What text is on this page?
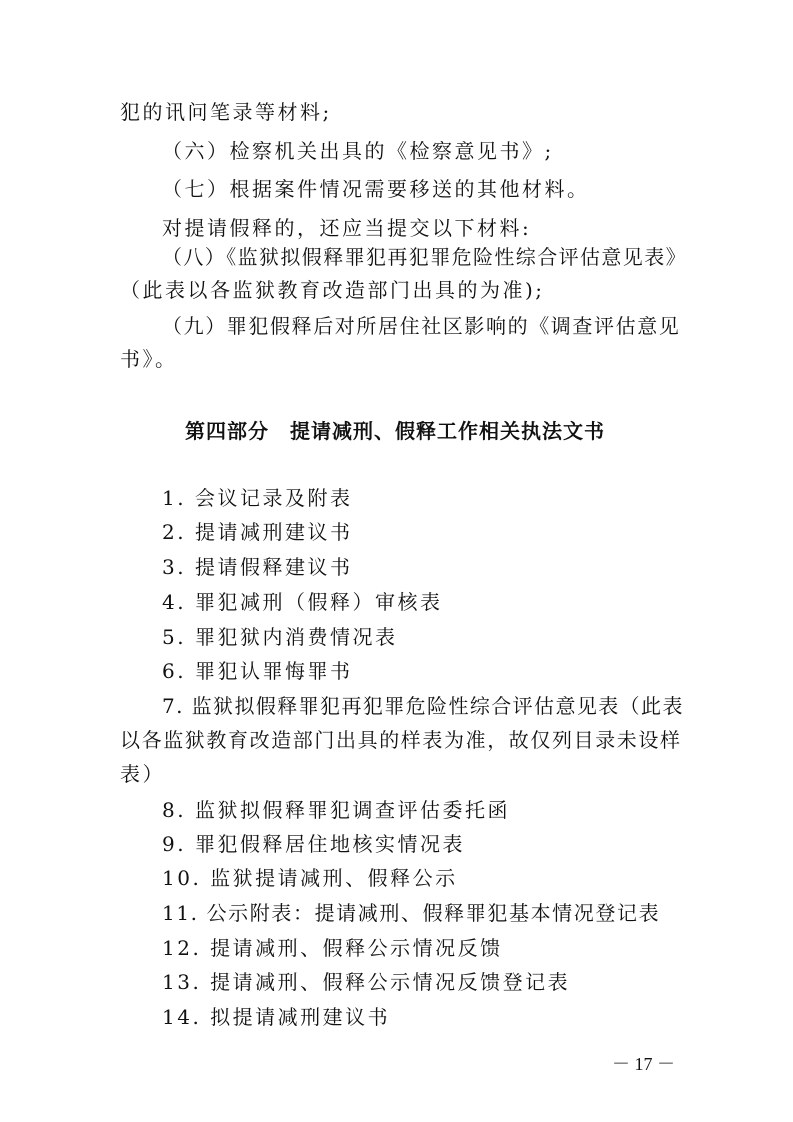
犯的讯问笔录等材料;
（六）检察机关出具的《检察意见书》;
（七）根据案件情况需要移送的其他材料。
对提请假释的，还应当提交以下材料:
（八）《监狱拟假释罪犯再犯罪危险性综合评估意见表》
（此表以各监狱教育改造部门出具的为准);
（九）罪犯假释后对所居住社区影响的《调查评估意见
书》。
第四部分　提请减刑、假释工作相关执法文书
1. 会议记录及附表
2. 提请减刑建议书
3. 提请假释建议书
4. 罪犯减刑（假释）审核表
5. 罪犯狱内消费情况表
6. 罪犯认罪悔罪书
7. 监狱拟假释罪犯再犯罪危险性综合评估意见表（此表
以各监狱教育改造部门出具的样表为准，故仅列目录未设样
表）
8. 监狱拟假释罪犯调查评估委托函
9. 罪犯假释居住地核实情况表
10. 监狱提请减刑、假释公示
11. 公示附表：提请减刑、假释罪犯基本情况登记表
12. 提请减刑、假释公示情况反馈
13. 提请减刑、假释公示情况反馈登记表
14. 拟提请减刑建议书
－ 17 －
